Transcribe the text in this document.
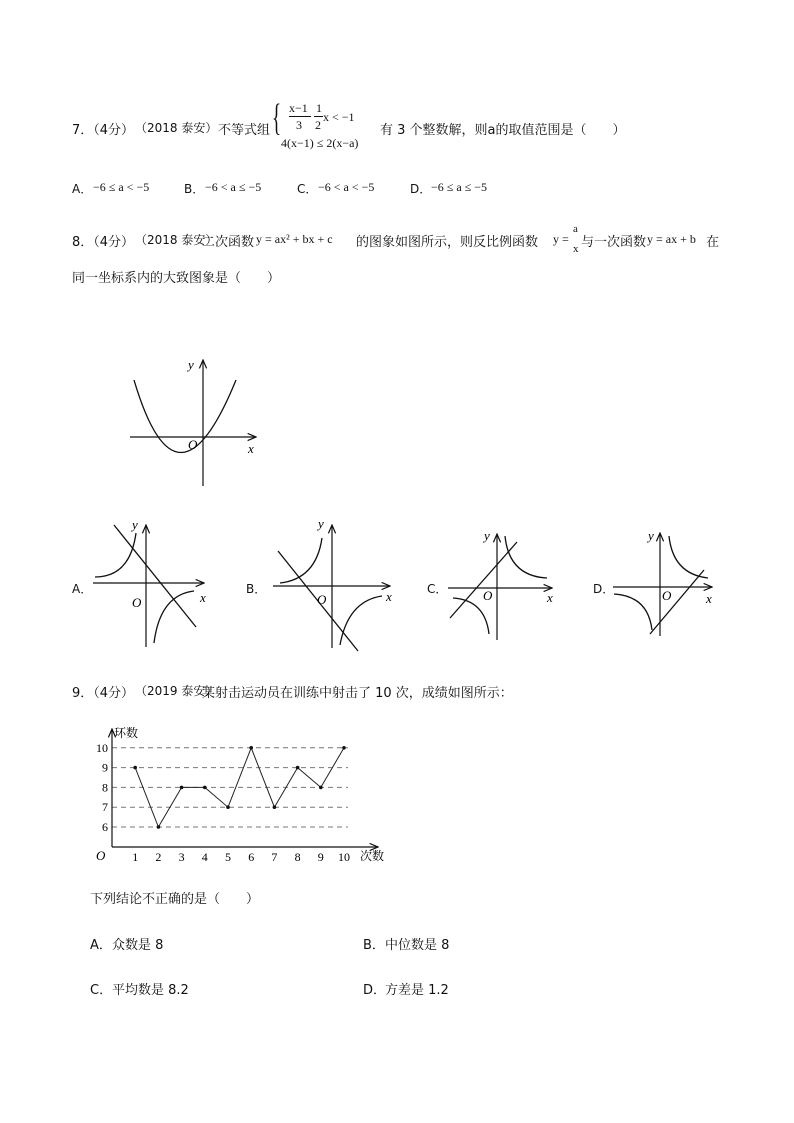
7．（4分） （2018 泰安） 不等式组 { x−1
3
1
2
x < −1
4(x−1) ≤ 2(x−a)
有 3 个整数解，则a的取值范围是（　　）
A． −6 ≤ a < −5	B． −6 < a ≤ −5	C． −6 < a < −5	D． −6 ≤ a ≤ −5
8．（4分） （2018 泰安）
二次函数 y = ax² + bx + c 的图象如图所示，则反比例函数 y =
a
x 与一次函数 y = ax + b 在
同一坐标系内的大致图象是（　　）
y
x
O
A．
y
x
O
B．
y
x
O
C．
y
x
O	D．
y
x
O
9．（4分） （2019 泰安）
某射击运动员在训练中射击了 10 次，成绩如图所示：
环数
次数
O
6
7
8
9
10
1 2 3 4 5 6 7 8 9 10
下列结论不正确的是（　　）
A． 众数是 8	B． 中位数是 8
C． 平均数是 8.2	D．
方差是 1.2
